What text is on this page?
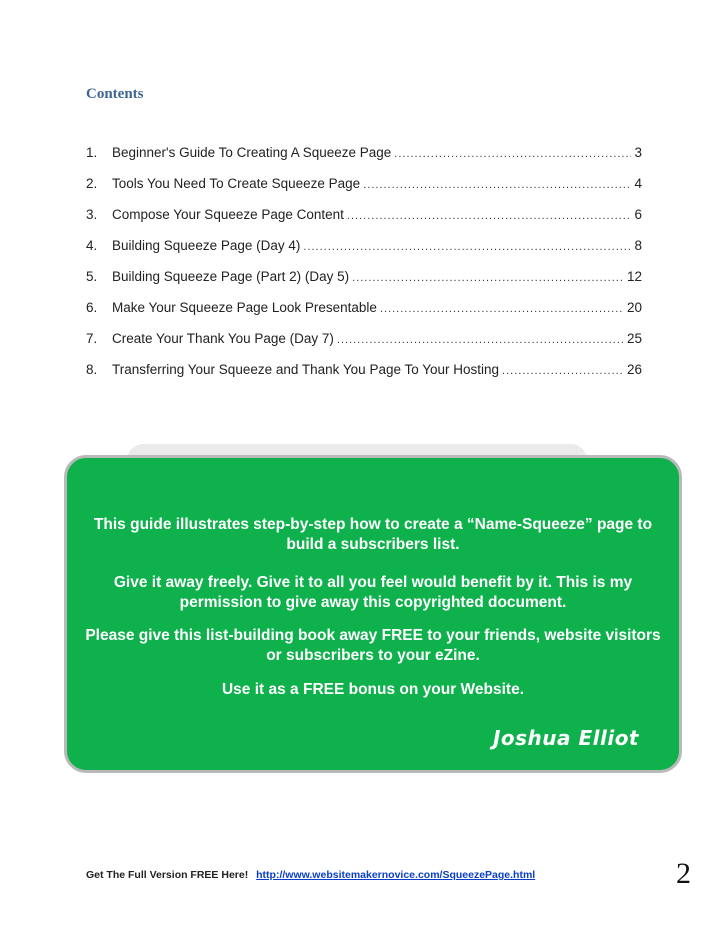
Contents
1.	Beginner's Guide To Creating A Squeeze Page .....	3
2.	Tools You Need To Create Squeeze Page .....	4
3.	Compose Your Squeeze Page Content .....	6
4.	Building Squeeze Page (Day 4) .....	8
5.	Building Squeeze Page (Part 2) (Day 5) .....	12
6.	Make Your Squeeze Page Look Presentable .....	20
7.	Create Your Thank You Page (Day 7) .....	25
8.	Transferring Your Squeeze and Thank You Page To Your Hosting .....	26

This guide illustrates step-by-step how to create a “Name-Squeeze” page to build a subscribers list.

Give it away freely. Give it to all you feel would benefit by it. This is my permission to give away this copyrighted document.

Please give this list-building book away FREE to your friends, website visitors or subscribers to your eZine.

Use it as a FREE bonus on your Website.

Joshua Elliot
Get The Full Version FREE Here! http://www.websitemakernovice.com/SqueezePage.html	2
